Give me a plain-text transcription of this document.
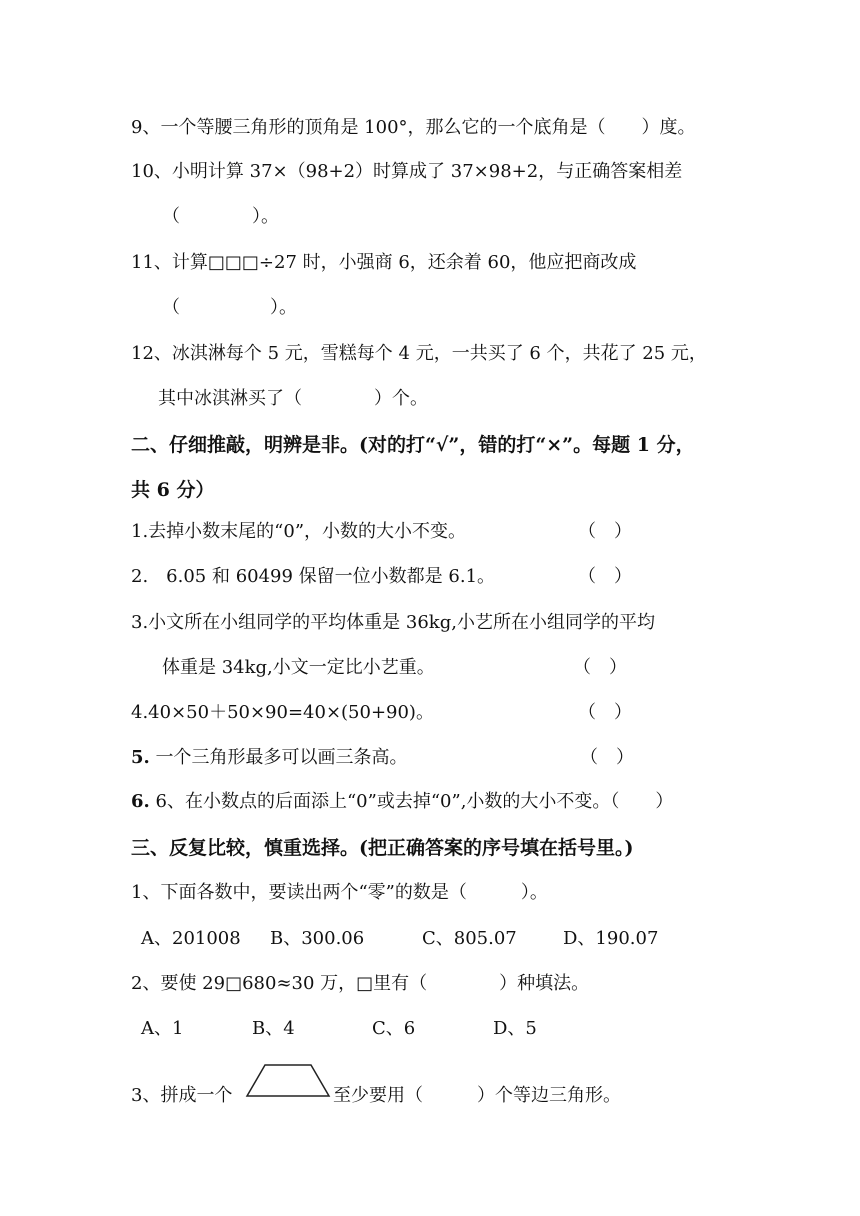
9、一个等腰三角形的顶角是 100°，那么它的一个底角是（　　）度。
10、小明计算 37×（98+2）时算成了 37×98+2，与正确答案相差
（　　　　）。
11、计算□□□÷27 时，小强商 6，还余着 60，他应把商改成
（　　　　　）。
12、冰淇淋每个 5 元，雪糕每个 4 元，一共买了 6 个，共花了 25 元，
其中冰淇淋买了（　　　　）个。
二、仔细推敲，明辨是非。(对的打“√”，错的打“×”。每题 1 分，
共 6 分）
1.去掉小数末尾的“0”，小数的大小不变。	（　）
2.　6.05 和 60499 保留一位小数都是 6.1。	（　）
3.小文所在小组同学的平均体重是 36kg,小艺所在小组同学的平均
体重是 34kg,小文一定比小艺重。	（　）
4.40×50＋50×90=40×(50+90)。	（　）
5. 一个三角形最多可以画三条高。	（　）
6. 6、在小数点的后面添上“0”或去掉“0”,小数的大小不变。（　　）
三、反复比较，慎重选择。(把正确答案的序号填在括号里。)
1、下面各数中，要读出两个“零”的数是（　　　）。
A、201008 B、300.06	C、805.07	D、190.07
2、要使 29□680≈30 万，□里有（　　　　）种填法。
A、1	B、4	C、6	D、5
3、拼成一个	至少要用（　　　）个等边三角形。
